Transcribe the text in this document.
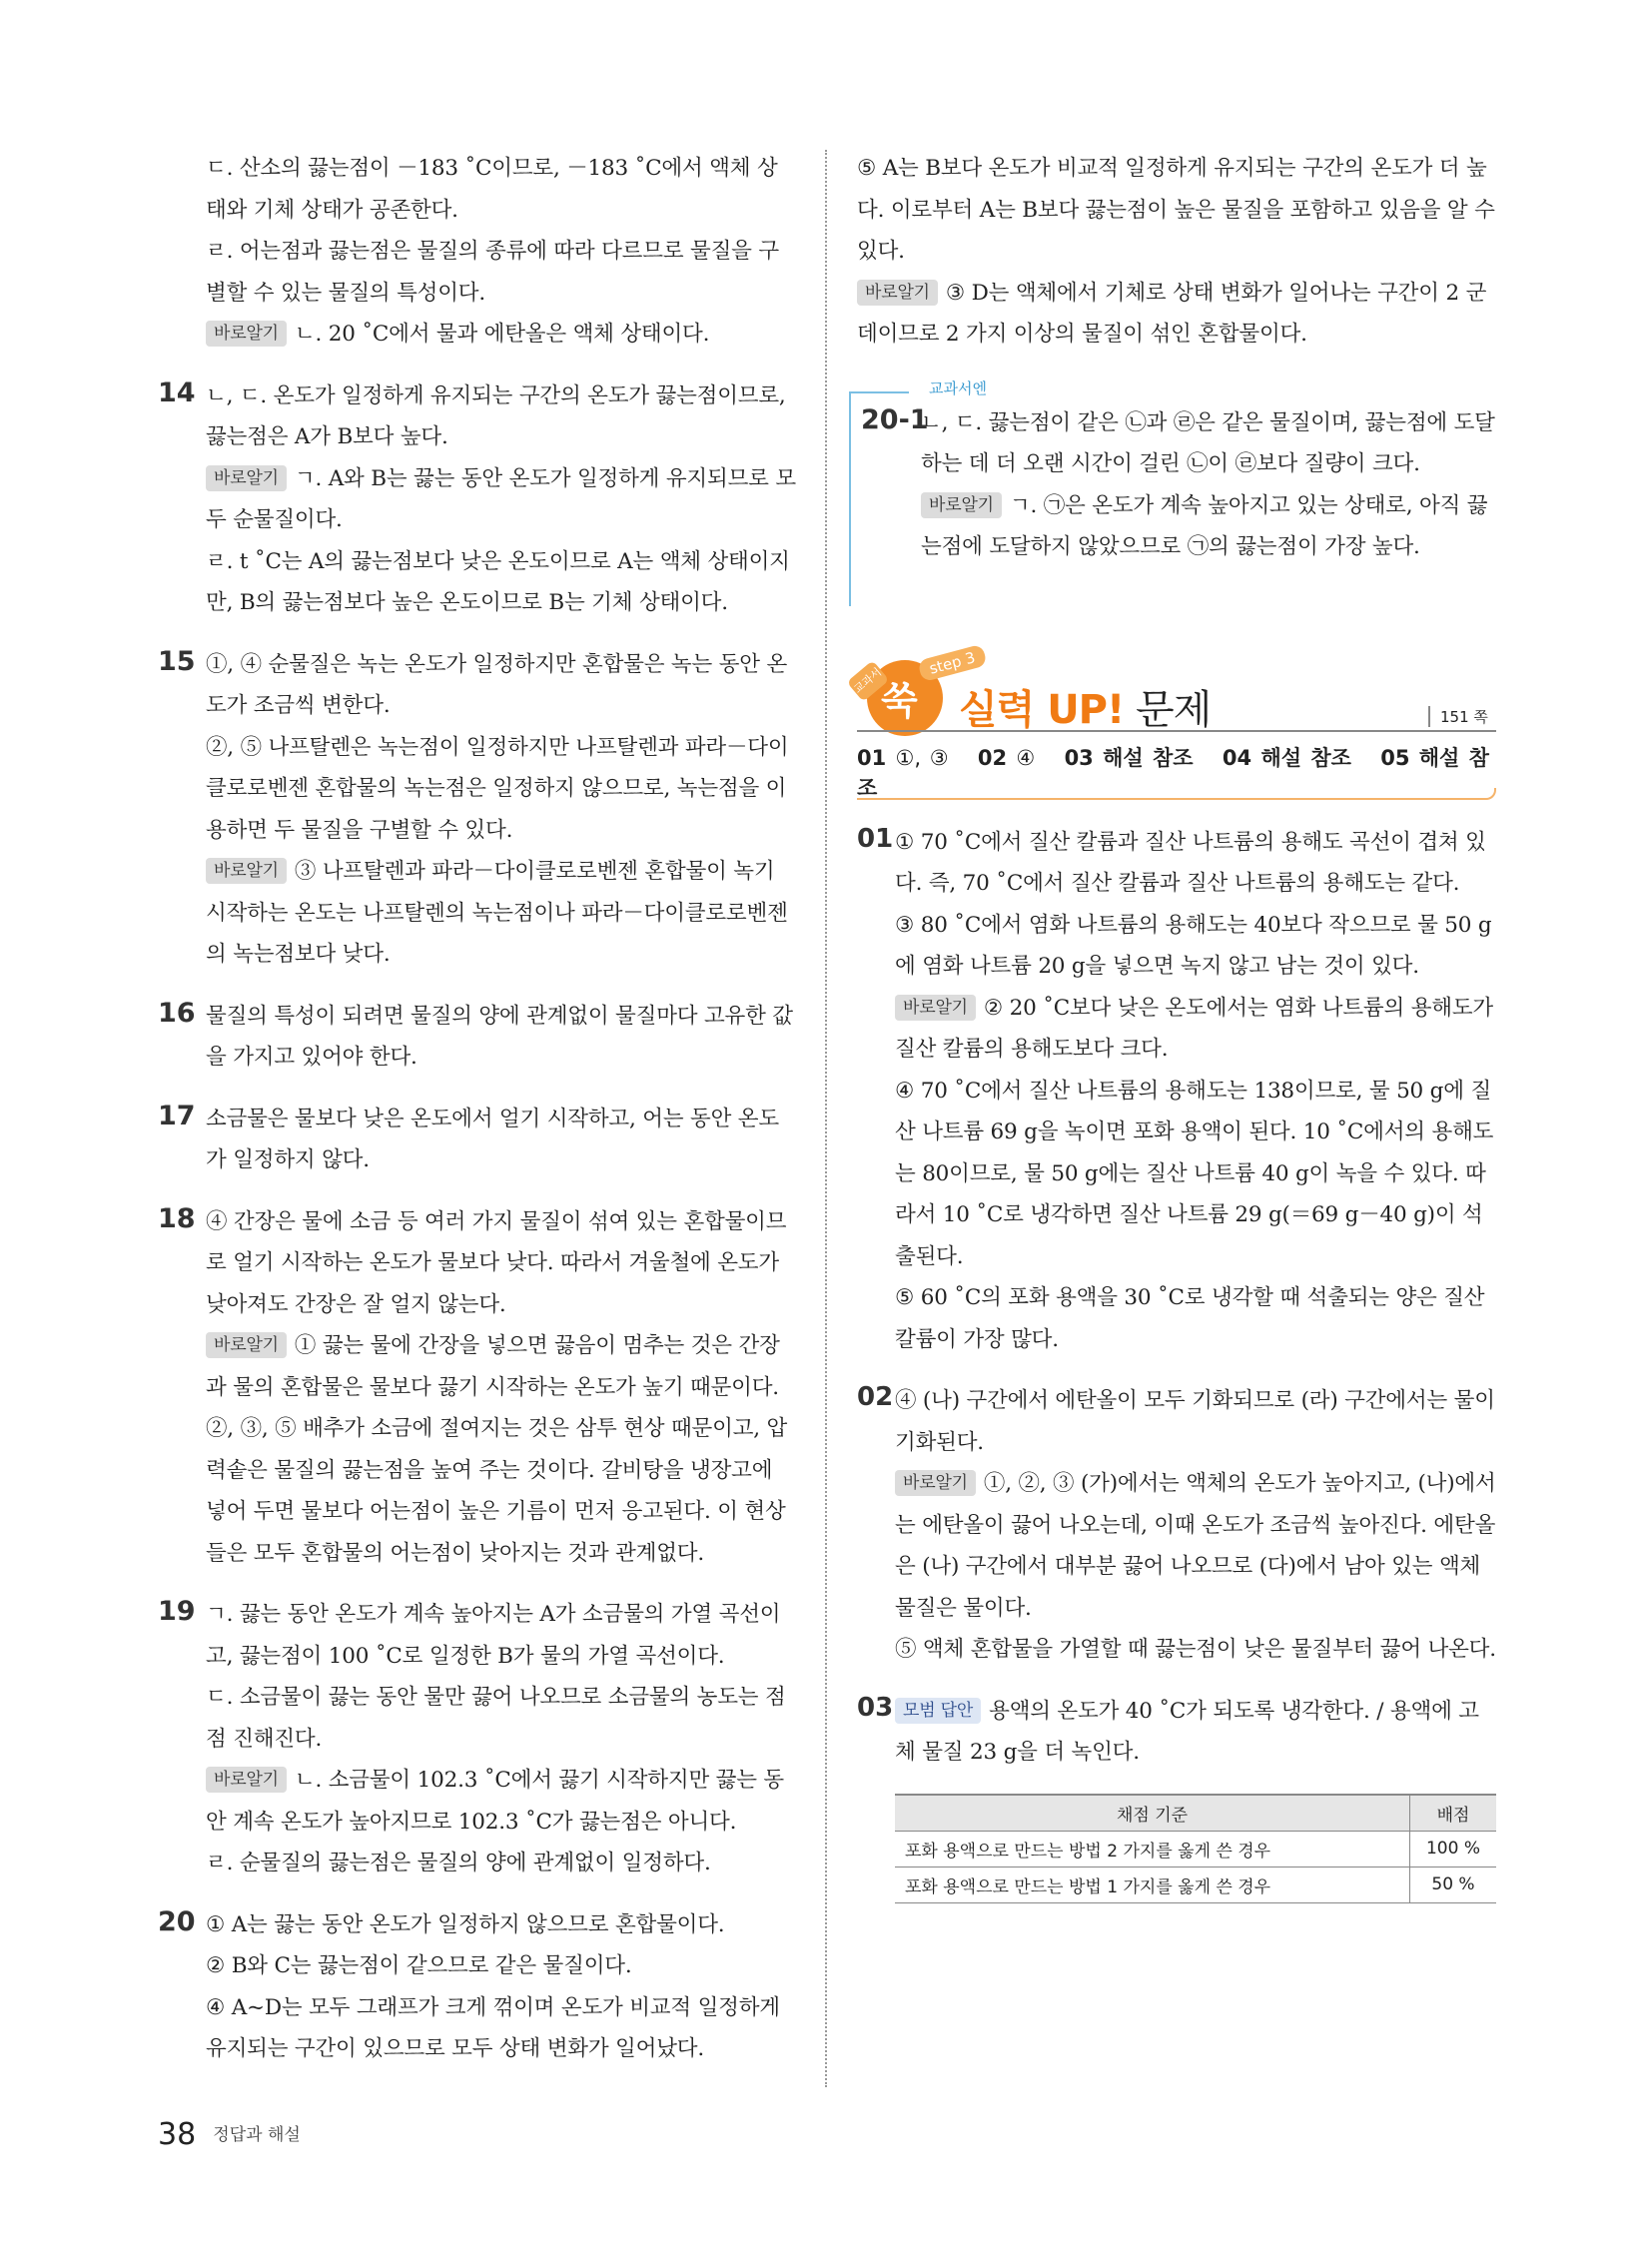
ㄷ. 산소의 끓는점이 －183 ˚C이므로, －183 ˚C에서 액체 상태와 기체 상태가 공존한다.

ㄹ. 어는점과 끓는점은 물질의 종류에 따라 다르므로 물질을 구별할 수 있는 물질의 특성이다.

바로알기 ㄴ. 20 ˚C에서 물과 에탄올은 액체 상태이다.

14 ㄴ, ㄷ. 온도가 일정하게 유지되는 구간의 온도가 끓는점이므로, 끓는점은 A가 B보다 높다.

바로알기 ㄱ. A와 B는 끓는 동안 온도가 일정하게 유지되므로 모두 순물질이다.

ㄹ. t ˚C는 A의 끓는점보다 낮은 온도이므로 A는 액체 상태이지만, B의 끓는점보다 높은 온도이므로 B는 기체 상태이다.

15 ①, ④ 순물질은 녹는 온도가 일정하지만 혼합물은 녹는 동안 온도가 조금씩 변한다.

②, ⑤ 나프탈렌은 녹는점이 일정하지만 나프탈렌과 파라－다이클로로벤젠 혼합물의 녹는점은 일정하지 않으므로, 녹는점을 이용하면 두 물질을 구별할 수 있다.

바로알기 ③ 나프탈렌과 파라－다이클로로벤젠 혼합물이 녹기 시작하는 온도는 나프탈렌의 녹는점이나 파라－다이클로로벤젠의 녹는점보다 낮다.

16 물질의 특성이 되려면 물질의 양에 관계없이 물질마다 고유한 값을 가지고 있어야 한다.

17 소금물은 물보다 낮은 온도에서 얼기 시작하고, 어는 동안 온도가 일정하지 않다.

18 ④ 간장은 물에 소금 등 여러 가지 물질이 섞여 있는 혼합물이므로 얼기 시작하는 온도가 물보다 낮다. 따라서 겨울철에 온도가 낮아져도 간장은 잘 얼지 않는다.

바로알기 ① 끓는 물에 간장을 넣으면 끓음이 멈추는 것은 간장과 물의 혼합물은 물보다 끓기 시작하는 온도가 높기 때문이다.

②, ③, ⑤ 배추가 소금에 절여지는 것은 삼투 현상 때문이고, 압력솥은 물질의 끓는점을 높여 주는 것이다. 갈비탕을 냉장고에 넣어 두면 물보다 어는점이 높은 기름이 먼저 응고된다. 이 현상들은 모두 혼합물의 어는점이 낮아지는 것과 관계없다.

19 ㄱ. 끓는 동안 온도가 계속 높아지는 A가 소금물의 가열 곡선이고, 끓는점이 100 ˚C로 일정한 B가 물의 가열 곡선이다.

ㄷ. 소금물이 끓는 동안 물만 끓어 나오므로 소금물의 농도는 점점 진해진다.

바로알기 ㄴ. 소금물이 102.3 ˚C에서 끓기 시작하지만 끓는 동안 계속 온도가 높아지므로 102.3 ˚C가 끓는점은 아니다.

ㄹ. 순물질의 끓는점은 물질의 양에 관계없이 일정하다.

20 ① A는 끓는 동안 온도가 일정하지 않으므로 혼합물이다.

② B와 C는 끓는점이 같으므로 같은 물질이다.

④ A~D는 모두 그래프가 크게 꺾이며 온도가 비교적 일정하게 유지되는 구간이 있으므로 모두 상태 변화가 일어났다.

⑤ A는 B보다 온도가 비교적 일정하게 유지되는 구간의 온도가 더 높다. 이로부터 A는 B보다 끓는점이 높은 물질을 포함하고 있음을 알 수 있다.

바로알기 ③ D는 액체에서 기체로 상태 변화가 일어나는 구간이 2 군데이므로 2 가지 이상의 물질이 섞인 혼합물이다.

교과서엔
20-1

ㄴ, ㄷ. 끓는점이 같은 ㉡과 ㉣은 같은 물질이며, 끓는점에 도달하는 데 더 오랜 시간이 걸린 ㉡이 ㉣보다 질량이 크다.

바로알기 ㄱ. ㉠은 온도가 계속 높아지고 있는 상태로, 아직 끓는점에 도달하지 않았으므로 ㉠의 끓는점이 가장 높다.

쑥
교과서
step 3
실력 UP! 문제	151 쪽
01 ①, ③ 02 ④ 03 해설 참조 04 해설 참조 05 해설 참조
01 ① 70 ˚C에서 질산 칼륨과 질산 나트륨의 용해도 곡선이 겹쳐 있다. 즉, 70 ˚C에서 질산 칼륨과 질산 나트륨의 용해도는 같다.

③ 80 ˚C에서 염화 나트륨의 용해도는 40보다 작으므로 물 50 g에 염화 나트륨 20 g을 넣으면 녹지 않고 남는 것이 있다.

바로알기 ② 20 ˚C보다 낮은 온도에서는 염화 나트륨의 용해도가 질산 칼륨의 용해도보다 크다.

④ 70 ˚C에서 질산 나트륨의 용해도는 138이므로, 물 50 g에 질산 나트륨 69 g을 녹이면 포화 용액이 된다. 10 ˚C에서의 용해도는 80이므로, 물 50 g에는 질산 나트륨 40 g이 녹을 수 있다. 따라서 10 ˚C로 냉각하면 질산 나트륨 29 g(＝69 g－40 g)이 석출된다.

⑤ 60 ˚C의 포화 용액을 30 ˚C로 냉각할 때 석출되는 양은 질산 칼륨이 가장 많다.

02 ④ (나) 구간에서 에탄올이 모두 기화되므로 (라) 구간에서는 물이 기화된다.

바로알기 ①, ②, ③ (가)에서는 액체의 온도가 높아지고, (나)에서는 에탄올이 끓어 나오는데, 이때 온도가 조금씩 높아진다. 에탄올은 (나) 구간에서 대부분 끓어 나오므로 (다)에서 남아 있는 액체 물질은 물이다.

⑤ 액체 혼합물을 가열할 때 끓는점이 낮은 물질부터 끓어 나온다.

03 모범 답안 용액의 온도가 40 ˚C가 되도록 냉각한다. / 용액에 고체 물질 23 g을 더 녹인다.

채점 기준	배점
포화 용액으로 만드는 방법 2 가지를 옳게 쓴 경우	100 %
포화 용액으로 만드는 방법 1 가지를 옳게 쓴 경우	50 %
38 정답과 해설
